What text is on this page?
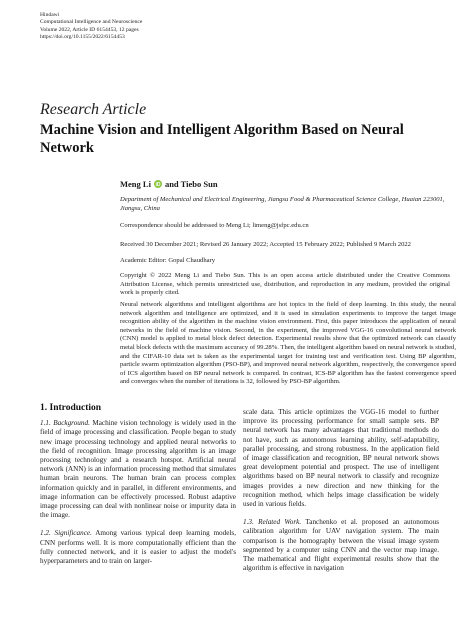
Hindawi
Computational Intelligence and Neuroscience
Volume 2022, Article ID 6154453, 12 pages
https://doi.org/10.1155/2022/6154453
Research Article
Machine Vision and Intelligent Algorithm Based on Neural Network
Meng Li iD and Tiebo Sun
Department of Mechanical and Electrical Engineering, Jiangsu Food & Pharmaceutical Science College, Huaian 223001, Jiangsu, China
Correspondence should be addressed to Meng Li; limeng@jsfpc.edu.cn
Received 30 December 2021; Revised 26 January 2022; Accepted 15 February 2022; Published 9 March 2022
Academic Editor: Gopal Chaudhary
Copyright © 2022 Meng Li and Tiebo Sun. This is an open access article distributed under the Creative Commons Attribution License, which permits unrestricted use, distribution, and reproduction in any medium, provided the original work is properly cited.
Neural network algorithms and intelligent algorithms are hot topics in the field of deep learning. In this study, the neural network algorithm and intelligence are optimized, and it is used in simulation experiments to improve the target image recognition ability of the algorithm in the machine vision environment. First, this paper introduces the application of neural networks in the field of machine vision. Second, in the experiment, the improved VGG-16 convolutional neural network (CNN) model is applied to metal block defect detection. Experimental results show that the optimized network can classify metal block defects with the maximum accuracy of 99.28%. Then, the intelligent algorithm based on neural network is studied, and the CIFAR-10 data set is taken as the experimental target for training test and verification test. Using BP algorithm, particle swarm optimization algorithm (PSO-BP), and improved neural network algorithm, respectively, the convergence speed of ICS algorithm based on BP neural network is compared. In contrast, ICS-BP algorithm has the fastest convergence speed and converges when the number of iterations is 32, followed by PSO-BP algorithm.

1. Introduction

1.1. Background. Machine vision technology is widely used in the field of image processing and classification. People began to study new image processing technology and applied neural networks to the field of recognition. Image processing algorithm is an image processing technology and a research hotspot. Artificial neural network (ANN) is an information processing method that simulates human brain neurons. The human brain can process complex information quickly and in parallel, in different environments, and image information can be effectively processed. Robust adaptive image processing can deal with nonlinear noise or impurity data in the image.

1.2. Significance. Among various typical deep learning models, CNN performs well. It is more computationally efficient than the fully connected network, and it is easier to adjust the model's hyperparameters and to train on larger-

scale data. This article optimizes the VGG-16 model to further improve its processing performance for small sample sets. BP neural network has many advantages that traditional methods do not have, such as autonomous learning ability, self-adaptability, parallel processing, and strong robustness. In the application field of image classification and recognition, BP neural network shows great development potential and prospect. The use of intelligent algorithms based on BP neural network to classify and recognize images provides a new direction and new thinking for the recognition method, which helps image classification be widely used in various fields.

1.3. Related Work. Tanchenko et al. proposed an autonomous calibration algorithm for UAV navigation system. The main comparison is the homography between the visual image system segmented by a computer using CNN and the vector map image. The mathematical and flight experimental results show that the algorithm is effective in navigation
